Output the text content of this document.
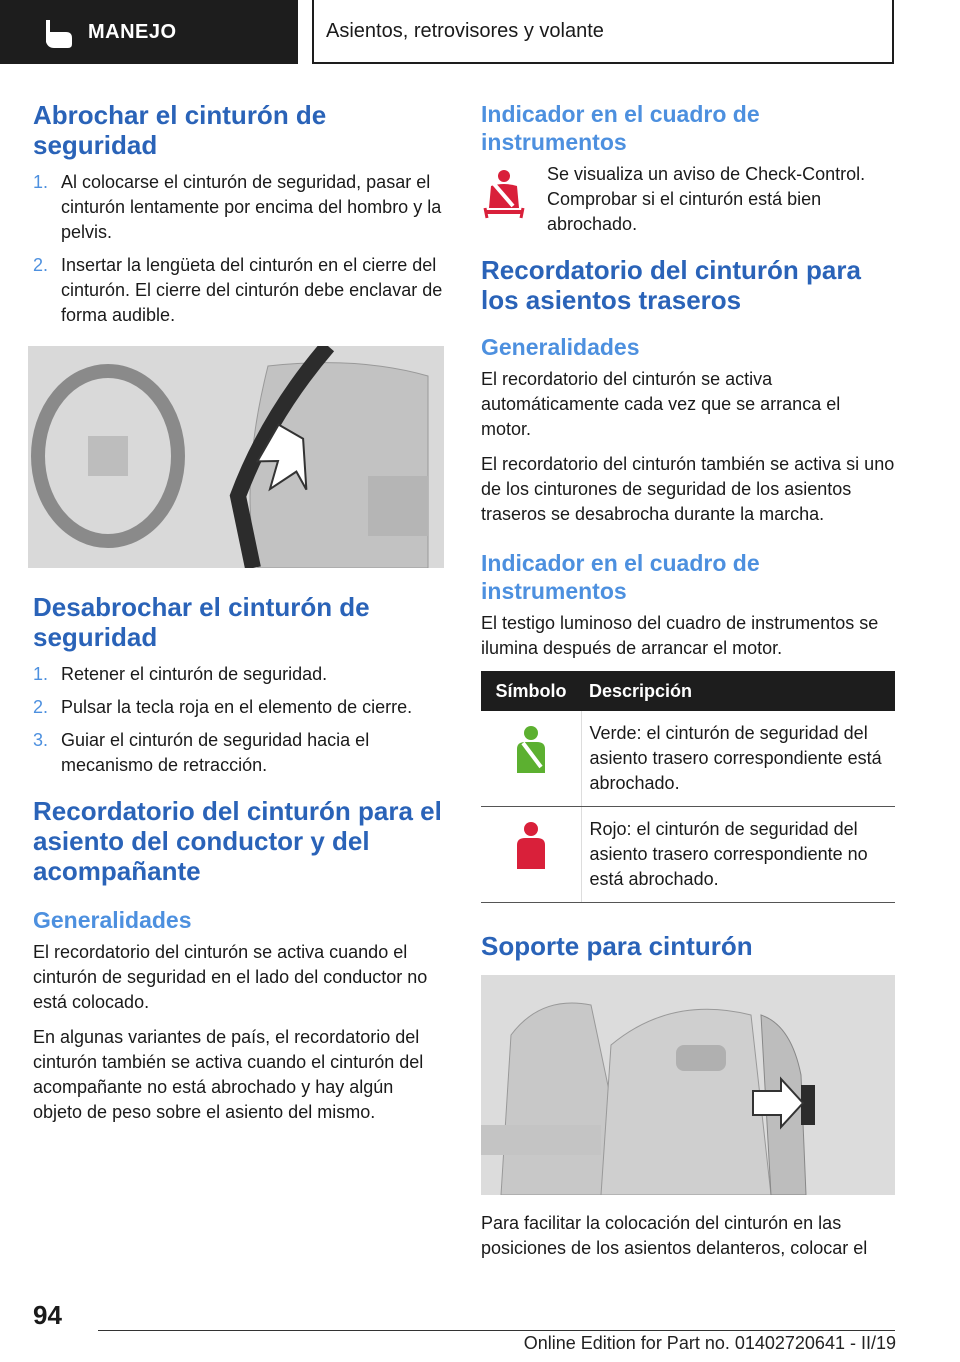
MANEJO	Asientos, retrovisores y volante
Abrochar el cinturón de seguridad
1. Al colocarse el cinturón de seguridad, pasar el cinturón lentamente por encima del hombro y la pelvis.
2. Insertar la lengüeta del cinturón en el cierre del cinturón. El cierre del cinturón debe enclavar de forma audible.
Desabrochar el cinturón de seguridad
1. Retener el cinturón de seguridad.
2. Pulsar la tecla roja en el elemento de cierre.
3. Guiar el cinturón de seguridad hacia el mecanismo de retracción.
Recordatorio del cinturón para el asiento del conductor y del acompañante
Generalidades

El recordatorio del cinturón se activa cuando el cinturón de seguridad en el lado del conductor no está colocado.

En algunas variantes de país, el recordatorio del cinturón también se activa cuando el cinturón del acompañante no está abrochado y hay algún objeto de peso sobre el asiento del mismo.

Indicador en el cuadro de instrumentos

Se visualiza un aviso de Check-Control. Comprobar si el cinturón está bien abrochado.

Recordatorio del cinturón para los asientos traseros
Generalidades

El recordatorio del cinturón se activa automáticamente cada vez que se arranca el motor.

El recordatorio del cinturón también se activa si uno de los cinturones de seguridad de los asientos traseros se desabrocha durante la marcha.

Indicador en el cuadro de instrumentos

El testigo luminoso del cuadro de instrumentos se ilumina después de arrancar el motor.

Símbolo	Descripción
	Verde: el cinturón de seguridad del asiento trasero correspondiente está abrochado.
	Rojo: el cinturón de seguridad del asiento trasero correspondiente no está abrochado.
Soporte para cinturón

Para facilitar la colocación del cinturón en las posiciones de los asientos delanteros, colocar el

94
Online Edition for Part no. 01402720641 - II/19
